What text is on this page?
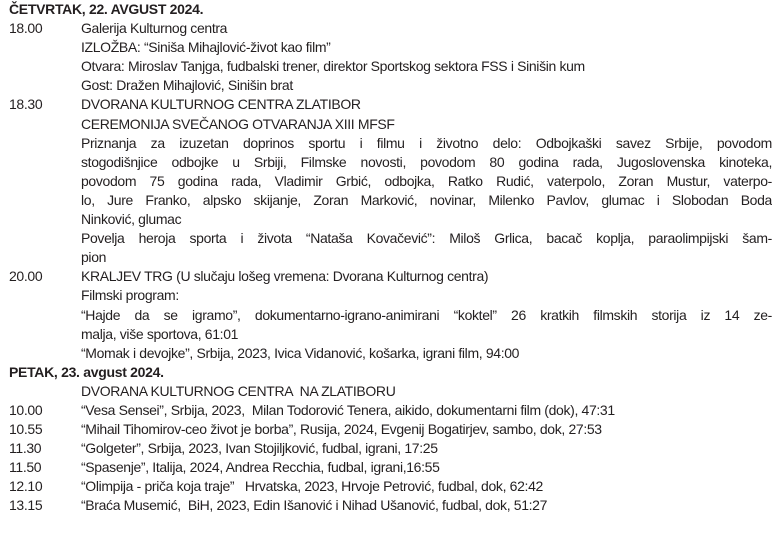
ČETVRTAK, 22. AVGUST 2024.
18.00	Galerija Kulturnog centra
IZLOŽBA: “Siniša Mihajlović-život kao film”
Otvara: Miroslav Tanjga, fudbalski trener, direktor Sportskog sektora FSS i Sinišin kum
Gost: Dražen Mihajlović, Sinišin brat
18.30	DVORANA KULTURNOG CENTRA ZLATIBOR
CEREMONIJA SVEČANOG OTVARANJA XIII MFSF
Priznanja za izuzetan doprinos sportu i filmu i životno delo: Odbojkaški savez Srbije, povodom
stogodišnjice odbojke u Srbiji, Filmske novosti, povodom 80 godina rada, Jugoslovenska kinoteka,
povodom 75 godina rada, Vladimir Grbić, odbojka, Ratko Rudić, vaterpolo, Zoran Mustur, vaterpo-
lo, Jure Franko, alpsko skijanje, Zoran Marković, novinar, Milenko Pavlov, glumac i Slobodan Boda
Ninković, glumac
Povelja heroja sporta i života “Nataša Kovačević”: Miloš Grlica, bacač koplja, paraolimpijski šam-
pion
20.00	KRALJEV TRG (U slučaju lošeg vremena: Dvorana Kulturnog centra)
Filmski program:
“Hajde da se igramo”, dokumentarno-igrano-animirani “koktel” 26 kratkih filmskih storija iz 14 ze-
malja, više sportova, 61:01
“Momak i devojke”, Srbija, 2023, Ivica Vidanović, košarka, igrani film, 94:00
PETAK, 23. avgust 2024.
DVORANA KULTURNOG CENTRA  NA ZLATIBORU
10.00	“Vesa Sensei”, Srbija, 2023,  Milan Todorović Tenera, aikido, dokumentarni film (dok), 47:31
10.55	“Mihail Tihomirov-ceo život je borba”, Rusija, 2024, Evgenij Bogatirjev, sambo, dok, 27:53
11.30	“Golgeter”, Srbija, 2023, Ivan Stojiljković, fudbal, igrani, 17:25
11.50	“Spasenje”, Italija, 2024, Andrea Recchia, fudbal, igrani,16:55
12.10	“Olimpija - priča koja traje”   Hrvatska, 2023, Hrvoje Petrović, fudbal, dok, 62:42
13.15	“Braća Musemić,  BiH, 2023, Edin Išanović i Nihad Ušanović, fudbal, dok, 51:27
